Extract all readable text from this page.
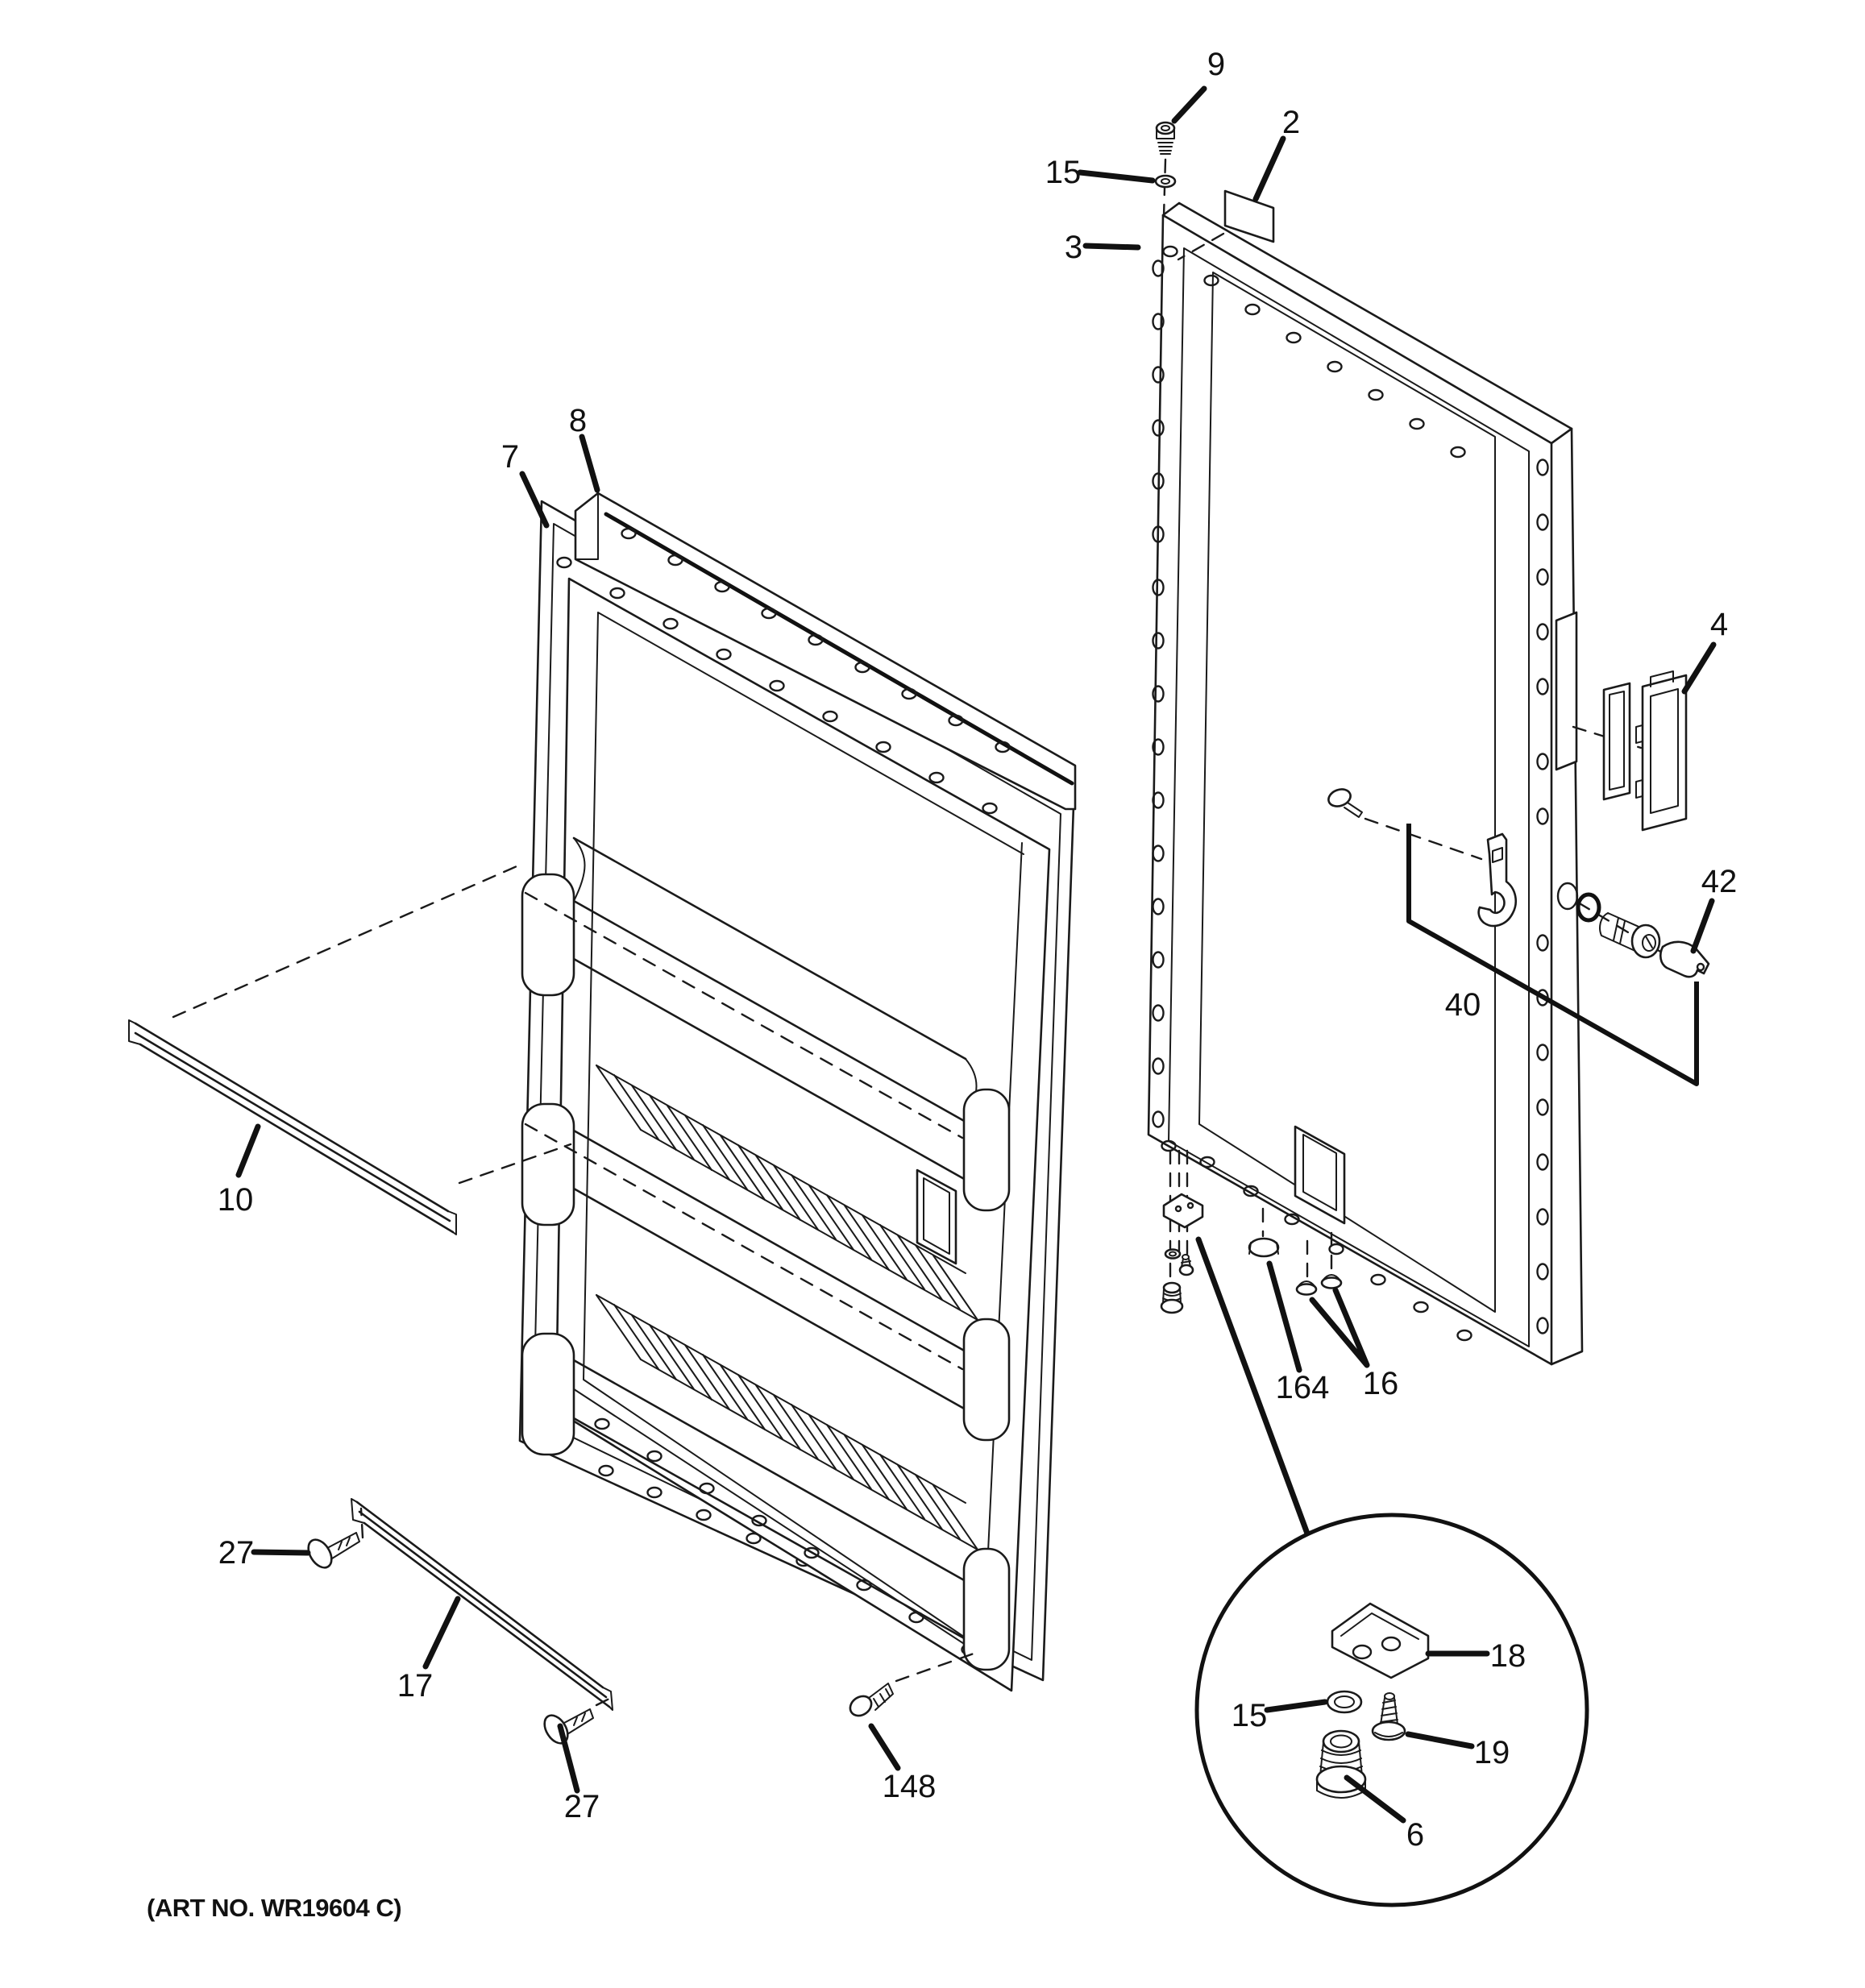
9
15
2
3
7
8
10
27
17
27
148
4
42
40
164 16
18
15
19
6
(ART NO. WR19604 C)
